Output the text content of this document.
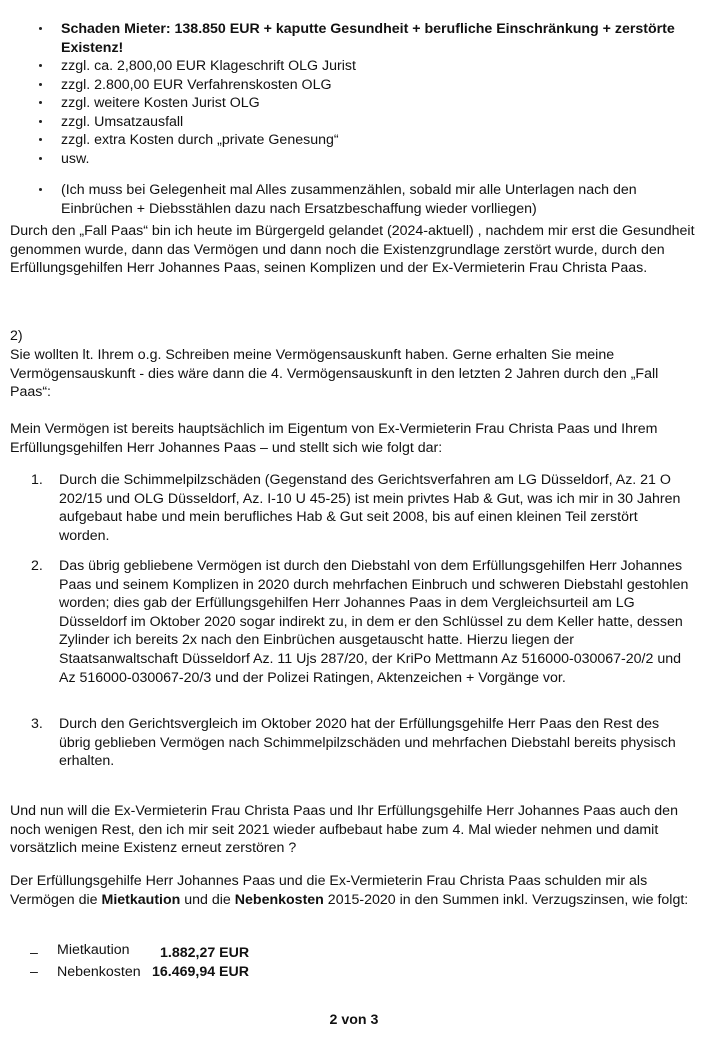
Schaden Mieter: 138.850 EUR + kaputte Gesundheit + berufliche Einschränkung + zerstörte Existenz!
zzgl. ca. 2,800,00 EUR Klageschrift OLG Jurist
zzgl. 2.800,00 EUR Verfahrenskosten OLG
zzgl. weitere Kosten Jurist OLG
zzgl. Umsatzausfall
zzgl. extra Kosten durch „private Genesung“
usw.
(Ich muss bei Gelegenheit mal Alles zusammenzählen, sobald mir alle Unterlagen nach den Einbrüchen + Diebsstählen dazu nach Ersatzbeschaffung wieder vorlliegen)
Durch den „Fall Paas“ bin ich heute im Bürgergeld gelandet (2024-aktuell) , nachdem mir erst die Gesundheit genommen wurde, dann das Vermögen und dann noch die Existenzgrundlage zerstört wurde, durch den Erfüllungsgehilfen Herr Johannes Paas, seinen Komplizen und der Ex-Vermieterin Frau Christa Paas.
2)
Sie wollten lt. Ihrem o.g. Schreiben meine Vermögensauskunft haben. Gerne erhalten Sie meine Vermögensauskunft - dies wäre dann die 4. Vermögensauskunft in den letzten 2 Jahren durch den „Fall Paas“:
Mein Vermögen ist bereits hauptsächlich im Eigentum von Ex-Vermieterin Frau Christa Paas und Ihrem Erfüllungsgehilfen Herr Johannes Paas – und stellt sich wie folgt dar:
1. Durch die Schimmelpilzschäden (Gegenstand des Gerichtsverfahren am LG Düsseldorf, Az. 21 O 202/15 und OLG Düsseldorf, Az. I-10 U 45-25) ist mein privtes Hab & Gut, was ich mir in 30 Jahren aufgebaut habe und mein berufliches Hab & Gut seit 2008, bis auf einen kleinen Teil zerstört worden.
2. Das übrig gebliebene Vermögen ist durch den Diebstahl von dem Erfüllungsgehilfen Herr Johannes Paas und seinem Komplizen in 2020 durch mehrfachen Einbruch und schweren Diebstahl gestohlen worden; dies gab der Erfüllungsgehilfen Herr Johannes Paas in dem Vergleichsurteil am LG Düsseldorf im Oktober 2020 sogar indirekt zu, in dem er den Schlüssel zu dem Keller hatte, dessen Zylinder ich bereits 2x nach den Einbrüchen ausgetauscht hatte. Hierzu liegen der Staatsanwaltschaft Düsseldorf Az. 11 Ujs 287/20, der KriPo Mettmann Az 516000-030067-20/2 und Az 516000-030067-20/3 und der Polizei Ratingen, Aktenzeichen + Vorgänge vor.
3. Durch den Gerichtsvergleich im Oktober 2020 hat der Erfüllungsgehilfe Herr Paas den Rest des übrig geblieben Vermögen nach Schimmelpilzschäden und mehrfachen Diebstahl bereits physisch erhalten.
Und nun will die Ex-Vermieterin Frau Christa Paas und Ihr Erfüllungsgehilfe Herr Johannes Paas auch den noch wenigen Rest, den ich mir seit 2021 wieder aufbebaut habe zum 4. Mal wieder nehmen und damit vorsätzlich meine Existenz erneut zerstören ?
Der Erfüllungsgehilfe Herr Johannes Paas und die Ex-Vermieterin Frau Christa Paas schulden mir als Vermögen die Mietkaution und die Nebenkosten 2015-2020 in den Summen inkl. Verzugszinsen, wie folgt:
– Mietkaution 1.882,27 EUR
– Nebenkosten 16.469,94 EUR
2 von 3
